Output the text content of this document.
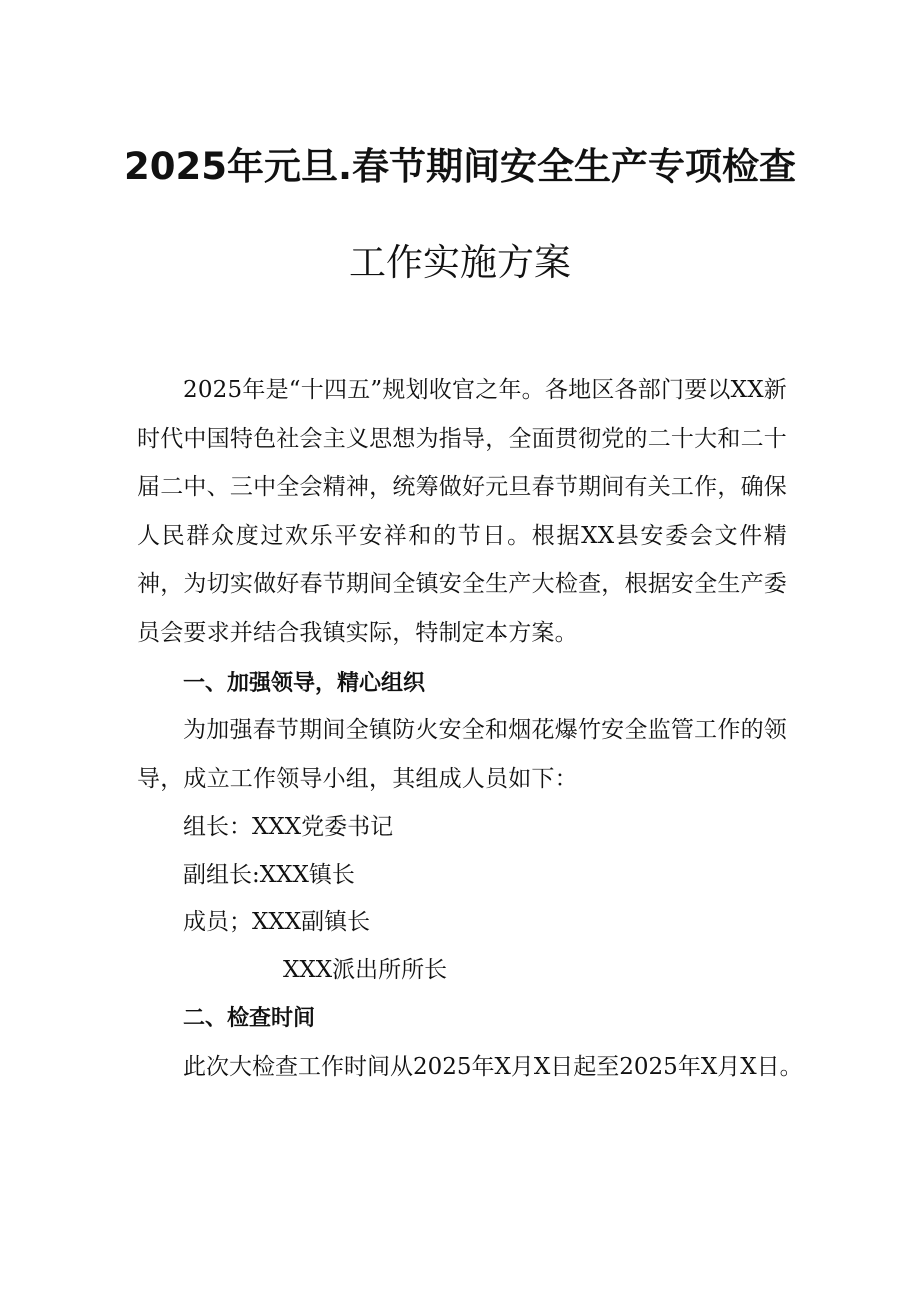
2025年元旦.春节期间安全生产专项检查
工作实施方案
2025年是“十四五”规划收官之年。各地区各部门要以XX新时代中国特色社会主义思想为指导，全面贯彻党的二十大和二十届二中、三中全会精神，统筹做好元旦春节期间有关工作，确保人民群众度过欢乐平安祥和的节日。根据XX县安委会文件精神，为切实做好春节期间全镇安全生产大检查，根据安全生产委员会要求并结合我镇实际，特制定本方案。
一、加强领导，精心组织
为加强春节期间全镇防火安全和烟花爆竹安全监管工作的领导，成立工作领导小组，其组成人员如下：
组长：XXX党委书记
副组长:XXX镇长
成员；XXX副镇长
XXX派出所所长
二、检查时间
此次大检查工作时间从2025年X月X日起至2025年X月X日。
